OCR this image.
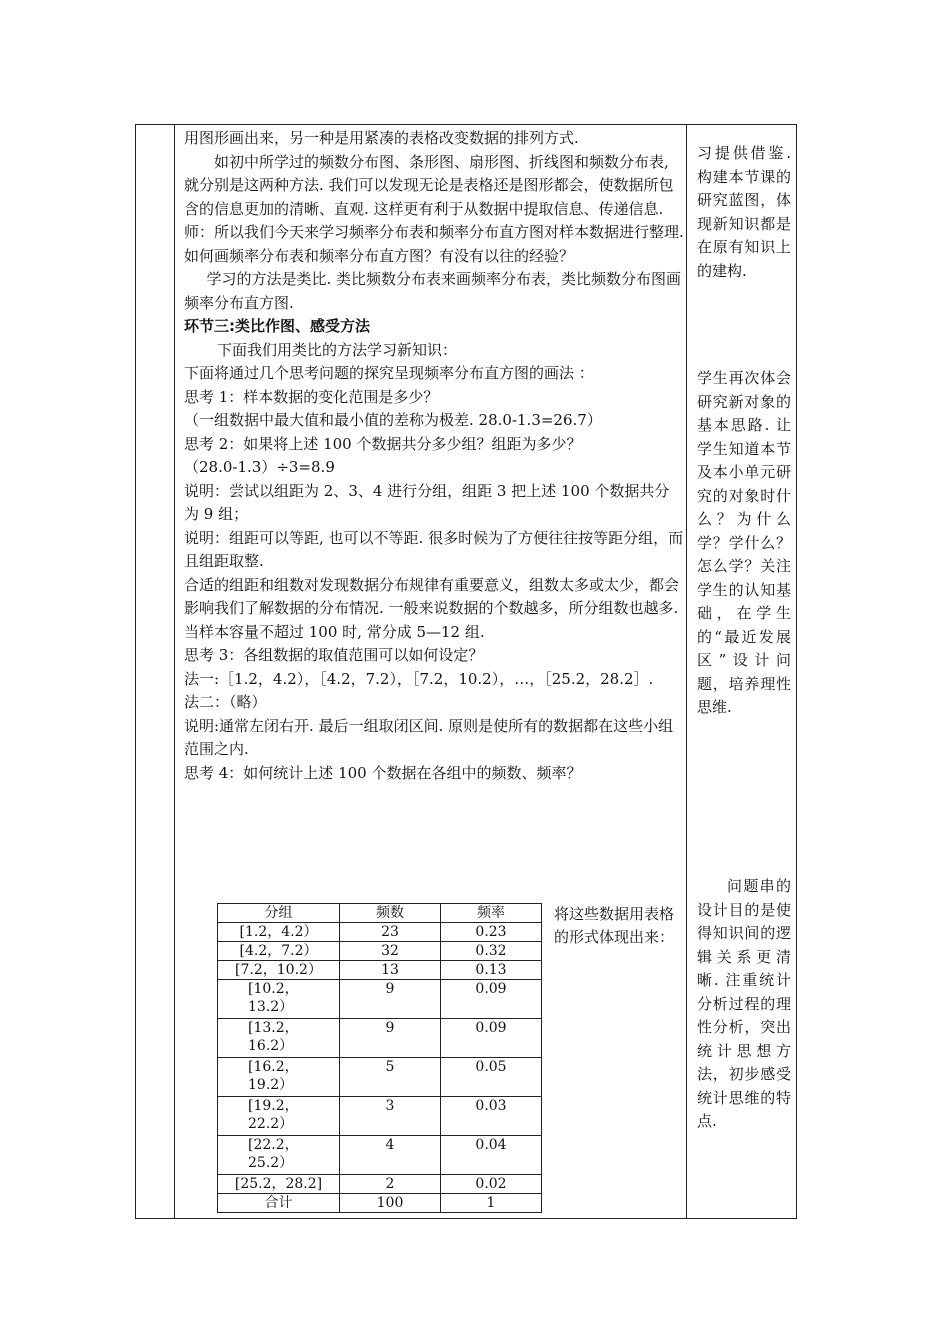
用图形画出来，另一种是用紧凑的表格改变数据的排列方式.

如初中所学过的频数分布图、条形图、扇形图、折线图和频数分布表, 就分别是这两种方法. 我们可以发现无论是表格还是图形都会，使数据所包含的信息更加的清晰、直观. 这样更有利于从数据中提取信息、传递信息.

师：所以我们今天来学习频率分布表和频率分布直方图对样本数据进行整理. 如何画频率分布表和频率分布直方图？有没有以往的经验？

学习的方法是类比. 类比频数分布表来画频率分布表，类比频数分布图画频率分布直方图.

环节三:类比作图、感受方法

下面我们用类比的方法学习新知识：

下面将通过几个思考问题的探究呈现频率分布直方图的画法 ：

思考 1：样本数据的变化范围是多少？

（一组数据中最大值和最小值的差称为极差. 28.0-1.3=26.7）

思考 2：如果将上述 100 个数据共分多少组？组距为多少？

（28.0-1.3）÷3=8.9

说明：尝试以组距为 2、3、4 进行分组，组距 3 把上述 100 个数据共分为 9 组；

说明：组距可以等距, 也可以不等距. 很多时候为了方便往往按等距分组，而且组距取整.

合适的组距和组数对发现数据分布规律有重要意义，组数太多或太少，都会影响我们了解数据的分布情况. 一般来说数据的个数越多，所分组数也越多. 当样本容量不超过 100 时, 常分成 5—12 组.

思考 3：各组数据的取值范围可以如何设定？

法一:［1.2，4.2），［4.2，7.2），［7.2，10.2），…，［25.2，28.2］.

法二：（略）

说明:通常左闭右开. 最后一组取闭区间. 原则是使所有的数据都在这些小组范围之内.

思考 4：如何统计上述 100 个数据在各组中的频数、频率？

分组	频数	频率
[1.2，4.2）	23	0.23
[4.2，7.2）	32	0.32
[7.2，10.2）	13	0.13
[10.2，13.2）	9	0.09
[13.2，16.2）	9	0.09
[16.2，19.2）	5	0.05
[19.2，22.2）	3	0.03
[22.2，25.2）	4	0.04
[25.2，28.2]	2	0.02
合计	100	1
将这些数据用表格的形式体现出来：

习提供借鉴. 构建本节课的研究蓝图，体现新知识都是在原有知识上的建构.

学生再次体会研究新对象的基本思路. 让学生知道本节及本小单元研究的对象时什么？为什么学？学什么？怎么学？关注学生的认知基础，在学生的“最近发展区”设计问题，培养理性思维.

问题串的设计目的是使得知识间的逻辑关系更清晰. 注重统计分析过程的理性分析，突出统计思想方法，初步感受统计思维的特点.
